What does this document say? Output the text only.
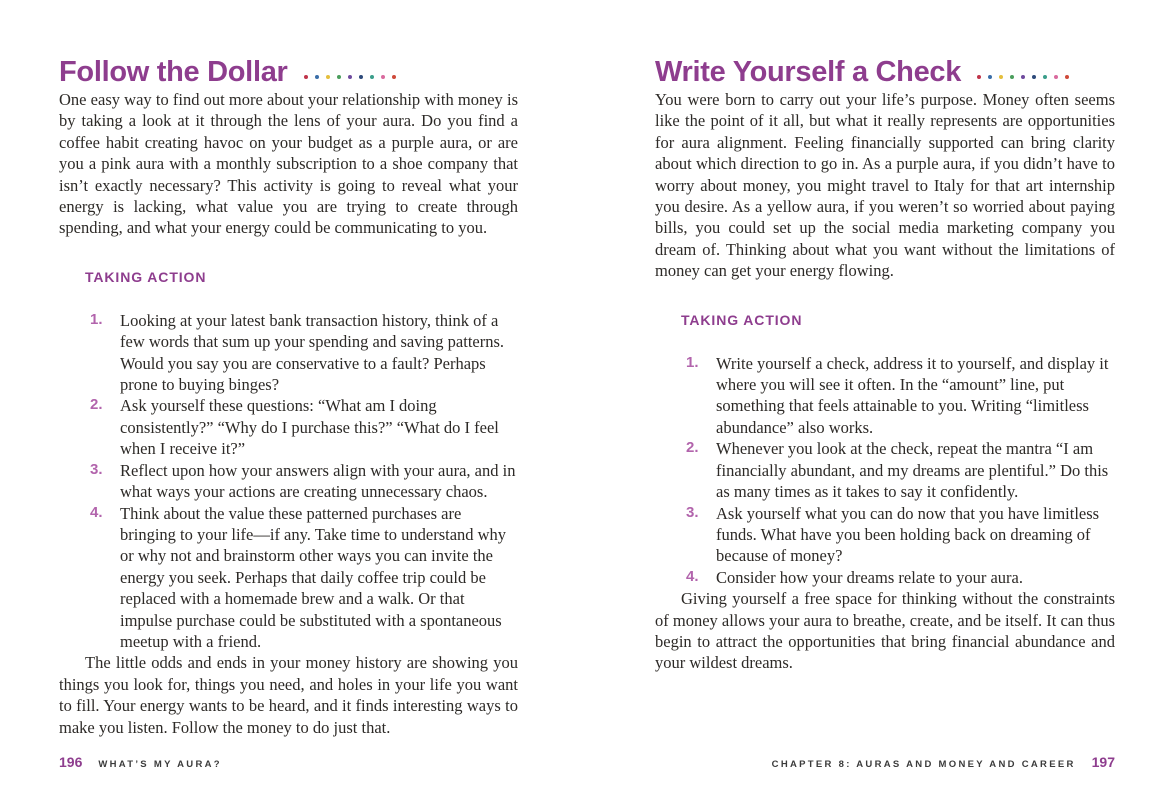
Follow the Dollar

One easy way to find out more about your relationship with money is by taking a look at it through the lens of your aura. Do you find a coffee habit creating havoc on your budget as a purple aura, or are you a pink aura with a monthly subscription to a shoe company that isn’t exactly necessary? This activity is going to reveal what your energy is lacking, what value you are trying to create through spending, and what your energy could be communicating to you.

TAKING ACTION
1.	Looking at your latest bank transaction history, think of a few words that sum up your spending and saving patterns. Would you say you are conservative to a fault? Perhaps prone to buying binges?
2.	Ask yourself these questions: “What am I doing consistently?” “Why do I purchase this?” “What do I feel when I receive it?”
3.	Reflect upon how your answers align with your aura, and in what ways your actions are creating unnecessary chaos.
4.	Think about the value these patterned purchases are bringing to your life—if any. Take time to understand why or why not and brainstorm other ways you can invite the energy you seek. Perhaps that daily coffee trip could be replaced with a homemade brew and a walk. Or that impulse purchase could be substituted with a spontaneous meetup with a friend.

The little odds and ends in your money history are showing you things you look for, things you need, and holes in your life you want to fill. Your energy wants to be heard, and it finds interesting ways to make you listen. Follow the money to do just that.

196 WHAT’S MY AURA?
Write Yourself a Check

You were born to carry out your life’s purpose. Money often seems like the point of it all, but what it really represents are opportunities for aura alignment. Feeling financially supported can bring clarity about which direction to go in. As a purple aura, if you didn’t have to worry about money, you might travel to Italy for that art internship you desire. As a yellow aura, if you weren’t so worried about paying bills, you could set up the social media marketing company you dream of. Thinking about what you want without the limitations of money can get your energy flowing.

TAKING ACTION
1.	Write yourself a check, address it to yourself, and display it where you will see it often. In the “amount” line, put something that feels attainable to you. Writing “limitless abundance” also works.
2.	Whenever you look at the check, repeat the mantra “I am financially abundant, and my dreams are plentiful.” Do this as many times as it takes to say it confidently.
3.	Ask yourself what you can do now that you have limitless funds. What have you been holding back on dreaming of because of money?
4.	Consider how your dreams relate to your aura.

Giving yourself a free space for thinking without the constraints of money allows your aura to breathe, create, and be itself. It can thus begin to attract the opportunities that bring financial abundance and your wildest dreams.

CHAPTER 8: AURAS AND MONEY AND CAREER 197
